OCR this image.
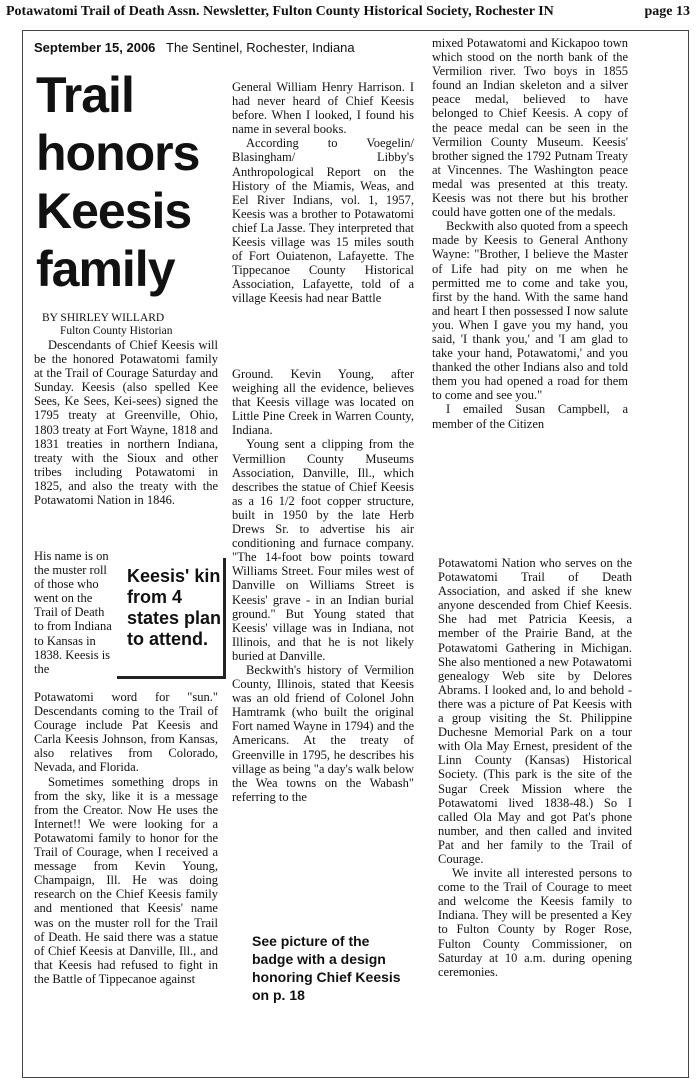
Potawatomi Trail of Death Assn. Newsletter, Fulton County Historical Society, Rochester IN	page 13
September 15, 2006 The Sentinel, Rochester, Indiana
Trail honors Keesis family
BY SHIRLEY WILLARD
Fulton County Historian

Descendants of Chief Keesis will be the honored Potawatomi family at the Trail of Courage Saturday and Sunday. Keesis (also spelled Kee Sees, Ke Sees, Kei-sees) signed the 1795 treaty at Greenville, Ohio, 1803 treaty at Fort Wayne, 1818 and 1831 treaties in northern Indiana, treaty with the Sioux and other tribes including Potawatomi in 1825, and also the treaty with the Potawatomi Nation in 1846.

His name is on the muster roll of those who went on the Trail of Death to from Indiana to Kansas in 1838. Keesis is the

Potawatomi word for "sun." Descendants coming to the Trail of Courage include Pat Keesis and Carla Keesis Johnson, from Kansas, also relatives from Colorado, Nevada, and Florida.

Sometimes something drops in from the sky, like it is a message from the Creator. Now He uses the Internet!! We were looking for a Potawatomi family to honor for the Trail of Courage, when I received a message from Kevin Young, Champaign, Ill. He was doing research on the Chief Keesis family and mentioned that Keesis' name was on the muster roll for the Trail of Death. He said there was a statue of Chief Keesis at Danville, Ill., and that Keesis had refused to fight in the Battle of Tippecanoe against

Keesis' kin from 4 states plan to attend.

General William Henry Harrison. I had never heard of Chief Keesis before. When I looked, I found his name in several books.

According to Voegelin/ Blasingham/ Libby's Anthropological Report on the History of the Miamis, Weas, and Eel River Indians, vol. 1, 1957, Keesis was a brother to Potawatomi chief La Jasse. They interpreted that Keesis village was 15 miles south of Fort Ouiatenon, Lafayette. The Tippecanoe County Historical Association, Lafayette, told of a village Keesis had near Battle

Ground. Kevin Young, after weighing all the evidence, believes that Keesis village was located on Little Pine Creek in Warren County, Indiana.

Young sent a clipping from the Vermillion County Museums Association, Danville, Ill., which describes the statue of Chief Keesis as a 16 1/2 foot copper structure, built in 1950 by the late Herb Drews Sr. to advertise his air conditioning and furnace company. "The 14-foot bow points toward Williams Street. Four miles west of Danville on Williams Street is Keesis' grave - in an Indian burial ground." But Young stated that Keesis' village was in Indiana, not Illinois, and that he is not likely buried at Danville.

Beckwith's history of Vermilion County, Illinois, stated that Keesis was an old friend of Colonel John Hamtramk (who built the original Fort named Wayne in 1794) and the Americans. At the treaty of Greenville in 1795, he describes his village as being "a day's walk below the Wea towns on the Wabash" referring to the

See picture of the badge with a design honoring Chief Keesis on p. 18

mixed Potawatomi and Kickapoo town which stood on the north bank of the Vermilion river. Two boys in 1855 found an Indian skeleton and a silver peace medal, believed to have belonged to Chief Keesis. A copy of the peace medal can be seen in the Vermilion County Museum. Keesis' brother signed the 1792 Putnam Treaty at Vincennes. The Washington peace medal was presented at this treaty. Keesis was not there but his brother could have gotten one of the medals.

Beckwith also quoted from a speech made by Keesis to General Anthony Wayne: "Brother, I believe the Master of Life had pity on me when he permitted me to come and take you, first by the hand. With the same hand and heart I then possessed I now salute you. When I gave you my hand, you said, 'I thank you,' and 'I am glad to take your hand, Potawatomi,' and you thanked the other Indians also and told them you had opened a road for them to come and see you."

I emailed Susan Campbell, a member of the Citizen

Potawatomi Nation who serves on the Potawatomi Trail of Death Association, and asked if she knew anyone descended from Chief Keesis. She had met Patricia Keesis, a member of the Prairie Band, at the Potawatomi Gathering in Michigan. She also mentioned a new Potawatomi genealogy Web site by Delores Abrams. I looked and, lo and behold - there was a picture of Pat Keesis with a group visiting the St. Philippine Duchesne Memorial Park on a tour with Ola May Ernest, president of the Linn County (Kansas) Historical Society. (This park is the site of the Sugar Creek Mission where the Potawatomi lived 1838-48.) So I called Ola May and got Pat's phone number, and then called and invited Pat and her family to the Trail of Courage.

We invite all interested persons to come to the Trail of Courage to meet and welcome the Keesis family to Indiana. They will be presented a Key to Fulton County by Roger Rose, Fulton County Commissioner, on Saturday at 10 a.m. during opening ceremonies.
